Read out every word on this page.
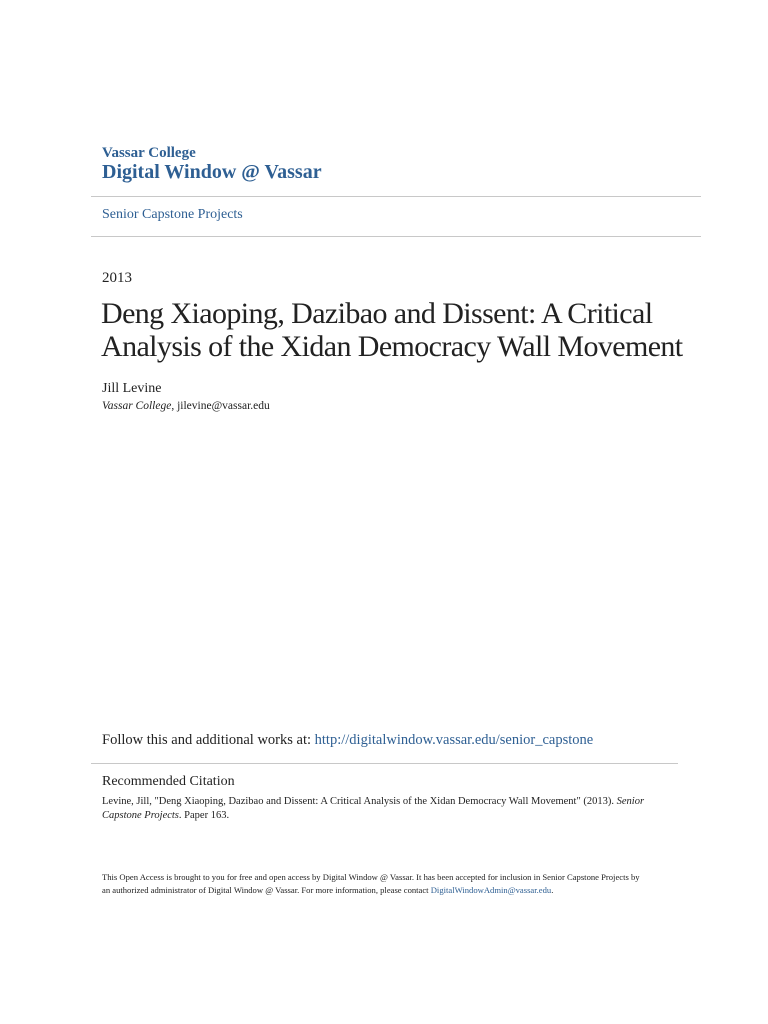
Vassar College
Digital Window @ Vassar
Senior Capstone Projects
2013
Deng Xiaoping, Dazibao and Dissent: A Critical
Analysis of the Xidan Democracy Wall Movement
Jill Levine
Vassar College, jilevine@vassar.edu
Follow this and additional works at: http://digitalwindow.vassar.edu/senior_capstone
Recommended Citation
Levine, Jill, "Deng Xiaoping, Dazibao and Dissent: A Critical Analysis of the Xidan Democracy Wall Movement" (2013). Senior Capstone Projects. Paper 163.
This Open Access is brought to you for free and open access by Digital Window @ Vassar. It has been accepted for inclusion in Senior Capstone Projects by an authorized administrator of Digital Window @ Vassar. For more information, please contact DigitalWindowAdmin@vassar.edu.
